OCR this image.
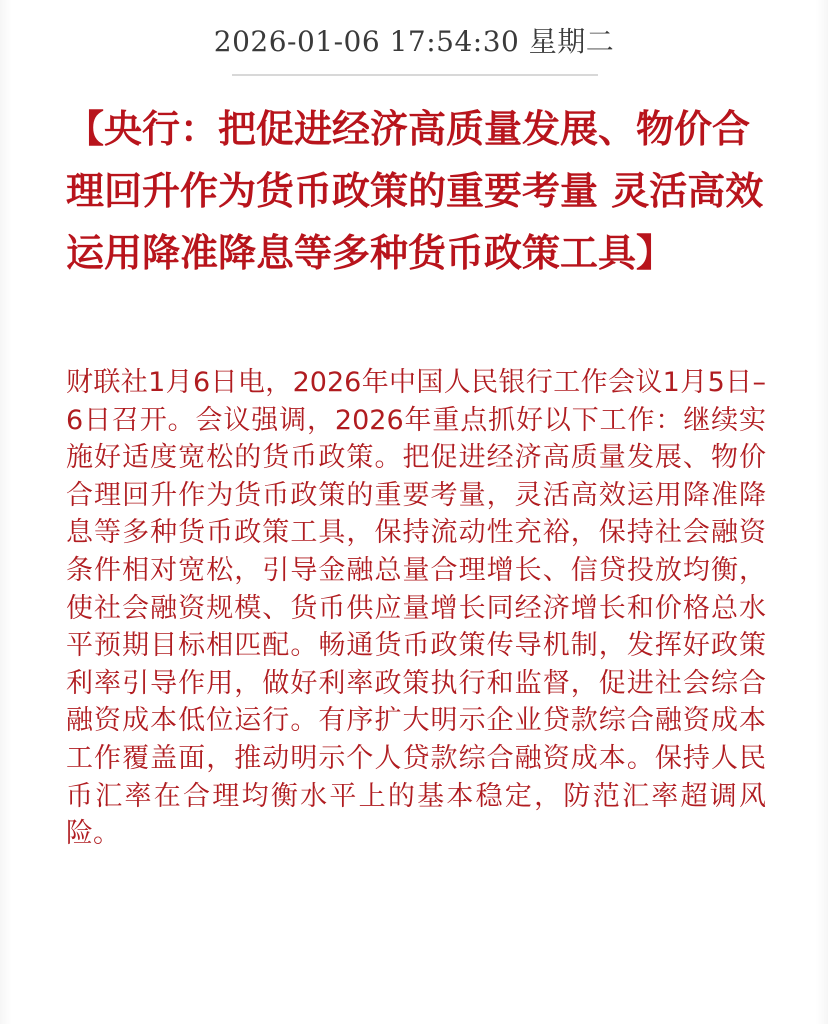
2026-01-06 17:54:30 星期二
【央行：把促进经济高质量发展、物价合理回升作为货币政策的重要考量 灵活高效运用降准降息等多种货币政策工具】

财联社1月6日电，2026年中国人民银行工作会议1月5日–6日召开。会议强调，2026年重点抓好以下工作：继续实施好适度宽松的货币政策。把促进经济高质量发展、物价合理回升作为货币政策的重要考量，灵活高效运用降准降息等多种货币政策工具，保持流动性充裕，保持社会融资条件相对宽松，引导金融总量合理增长、信贷投放均衡，使社会融资规模、货币供应量增长同经济增长和价格总水平预期目标相匹配。畅通货币政策传导机制，发挥好政策利率引导作用，做好利率政策执行和监督，促进社会综合融资成本低位运行。有序扩大明示企业贷款综合融资成本工作覆盖面，推动明示个人贷款综合融资成本。保持人民币汇率在合理均衡水平上的基本稳定，防范汇率超调风险。
